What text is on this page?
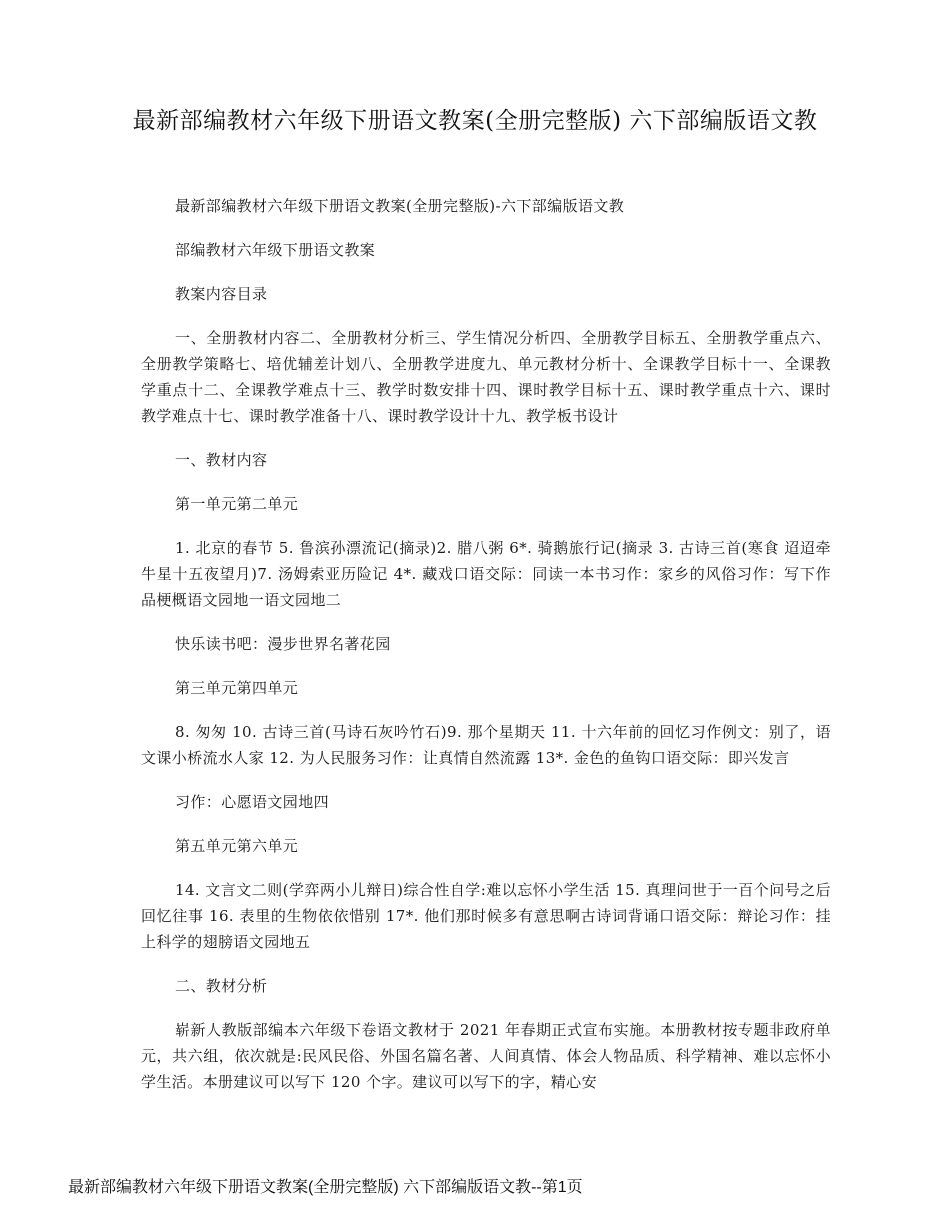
最新部编教材六年级下册语文教案(全册完整版) 六下部编版语文教

最新部编教材六年级下册语文教案(全册完整版)-六下部编版语文教

部编教材六年级下册语文教案

教案内容目录

一、全册教材内容二、全册教材分析三、学生情况分析四、全册教学目标五、全册教学重点六、全册教学策略七、培优辅差计划八、全册教学进度九、单元教材分析十、全课教学目标十一、全课教学重点十二、全课教学难点十三、教学时数安排十四、课时教学目标十五、课时教学重点十六、课时教学难点十七、课时教学准备十八、课时教学设计十九、教学板书设计

一、教材内容

第一单元第二单元

1. 北京的春节 5. 鲁滨孙漂流记(摘录)2. 腊八粥 6*. 骑鹅旅行记(摘录 3. 古诗三首(寒食 迢迢牵牛星十五夜望月)7. 汤姆索亚历险记 4*. 藏戏口语交际：同读一本书习作：家乡的风俗习作：写下作品梗概语文园地一语文园地二

快乐读书吧：漫步世界名著花园

第三单元第四单元

8. 匆匆 10. 古诗三首(马诗石灰吟竹石)9. 那个星期天 11. 十六年前的回忆习作例文：别了，语文课小桥流水人家 12. 为人民服务习作：让真情自然流露 13*. 金色的鱼钩口语交际：即兴发言

习作：心愿语文园地四

第五单元第六单元

14. 文言文二则(学弈两小儿辩日)综合性自学:难以忘怀小学生活 15. 真理问世于一百个问号之后回忆往事 16. 表里的生物依依惜别 17*. 他们那时候多有意思啊古诗词背诵口语交际：辩论习作：挂上科学的翅膀语文园地五

二、教材分析

崭新人教版部编本六年级下卷语文教材于 2021 年春期正式宣布实施。本册教材按专题非政府单元，共六组，依次就是:民风民俗、外国名篇名著、人间真情、体会人物品质、科学精神、难以忘怀小学生活。本册建议可以写下 120 个字。建议可以写下的字，精心安

最新部编教材六年级下册语文教案(全册完整版) 六下部编版语文教--第1页
